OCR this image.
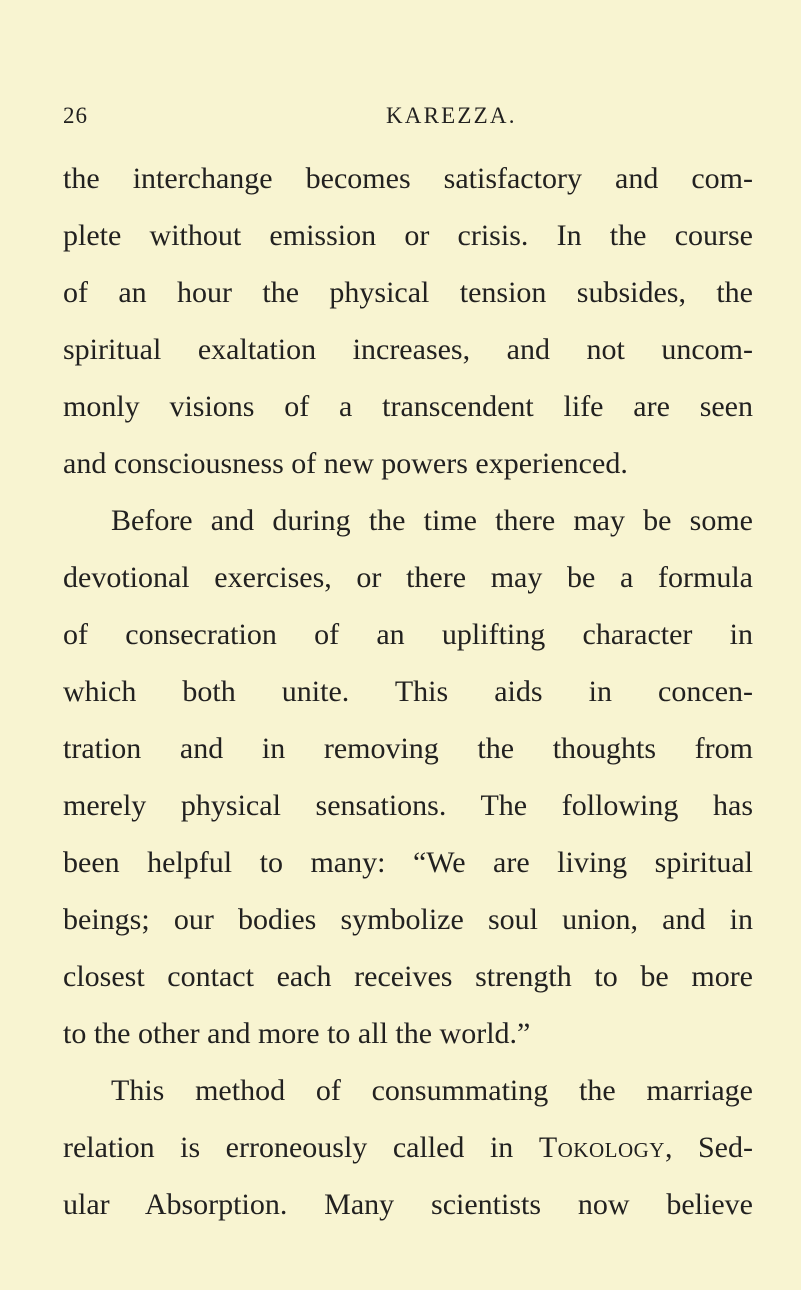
26	KAREZZA.
the interchange becomes satisfactory and com-
plete without emission or crisis. In the course
of an hour the physical tension subsides, the
spiritual exaltation increases, and not uncom-
monly visions of a transcendent life are seen
and consciousness of new powers experienced.
Before and during the time there may be some
devotional exercises, or there may be a formula
of consecration of an uplifting character in
which both unite. This aids in concen-
tration and in removing the thoughts from
merely physical sensations. The following has
been helpful to many: “We are living spiritual
beings; our bodies symbolize soul union, and in
closest contact each receives strength to be more
to the other and more to all the world.”
This method of consummating the marriage
relation is erroneously called in Tokology, Sed-
ular Absorption. Many scientists now believe
